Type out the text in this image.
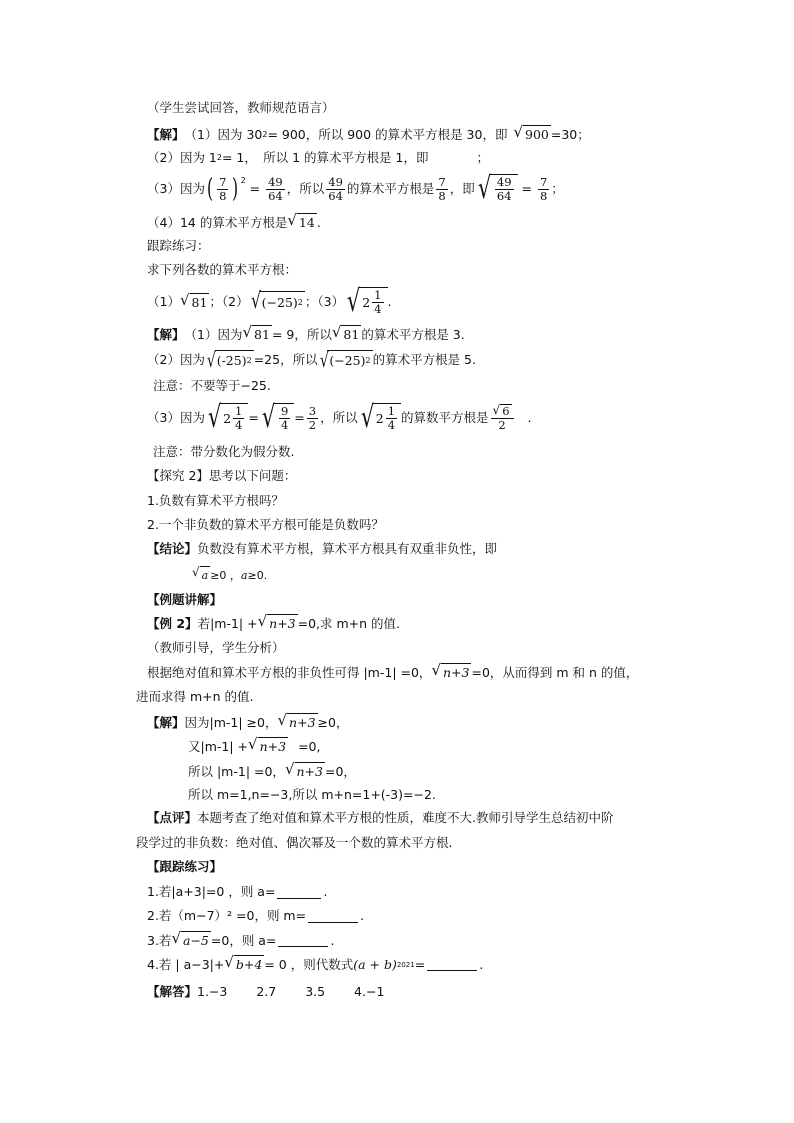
（学生尝试回答，教师规范语言）
【解】 （1）因为 30 2 = 900，所以 900 的算术平方根是 30，即 √ 900 =30；
（2）因为 1 2 = 1，　所以 1 的算术平方根是 1，即	；
（3）因为 ( $\frac{7}{8}$ ) $^2$
= $\frac{49}{64}$ ，所以 $\frac{49}{64}$ 的算术平方根是 $\frac{7}{8}$ ，即 √ $\frac{49}{64} = \frac{7}{8}$ ；
（4）14 的算术平方根是 √ 14 .
跟踪练习：
求下列各数的算术平方根：
（1） √ 81 ；（2） √ (−25) 2 ；（3） √ $2 \frac{1}{4}$ .
【解】 （1）因为 √ 81 = 9，所以 √ 81 的算术平方根是 3.
（2）因为 √ (-25) 2 =25，所以 √ (−25) 2 的算术平方根是 5.
注意：不要等于−25.
（3）因为 √ $2 \frac{1}{4}$ = √ $\frac{9}{4} = \frac{3}{2}$ ，所以 √ $2 \frac{1}{4}$ 的算数平方根是 $\frac{√ 6}{2}$ .
注意：带分数化为假分数.
【探究 2】思考以下问题：
1.负数有算术平方根吗？
2.一个非负数的算术平方根可能是负数吗？
【结论】 负数没有算术平方根，算术平方根具有双重非负性，即
√ a ≥0 ， a ≥0.
【例题讲解】
【例 2】 若|m-1| + √ n+3 =0,求 m+n 的值.
（教师引导，学生分析）
根据绝对值和算术平方根的非负性可得 |m-1| =0， √ n+3 =0，从而得到 m 和 n 的值，
进而求得 m+n 的值.
【解】 因为|m-1| ≥0， √ n+3 ≥0，
又|m-1| + √ n+3 =0,
所以 |m-1| =0， √ n+3 =0，
所以 m=1,n=−3,所以 m+n=1+(-3)=−2.
【点评】 本题考查了绝对值和算术平方根的性质，难度不大.教师引导学生总结初中阶
段学过的非负数：绝对值、偶次幂及一个数的算术平方根.
【跟踪练习】
1.若|a+3|=0 ，则 a=	.
2.若（m−7）² =0，则 m=	.
3.若 √ a−5 =0，则 a=	.
4.若 | a−3|+ √ b+4 = 0 ，则代数式 (a + b) 2021 =	.
【解答】 1.−3　　 2.7　　 3.5　　 4.−1
